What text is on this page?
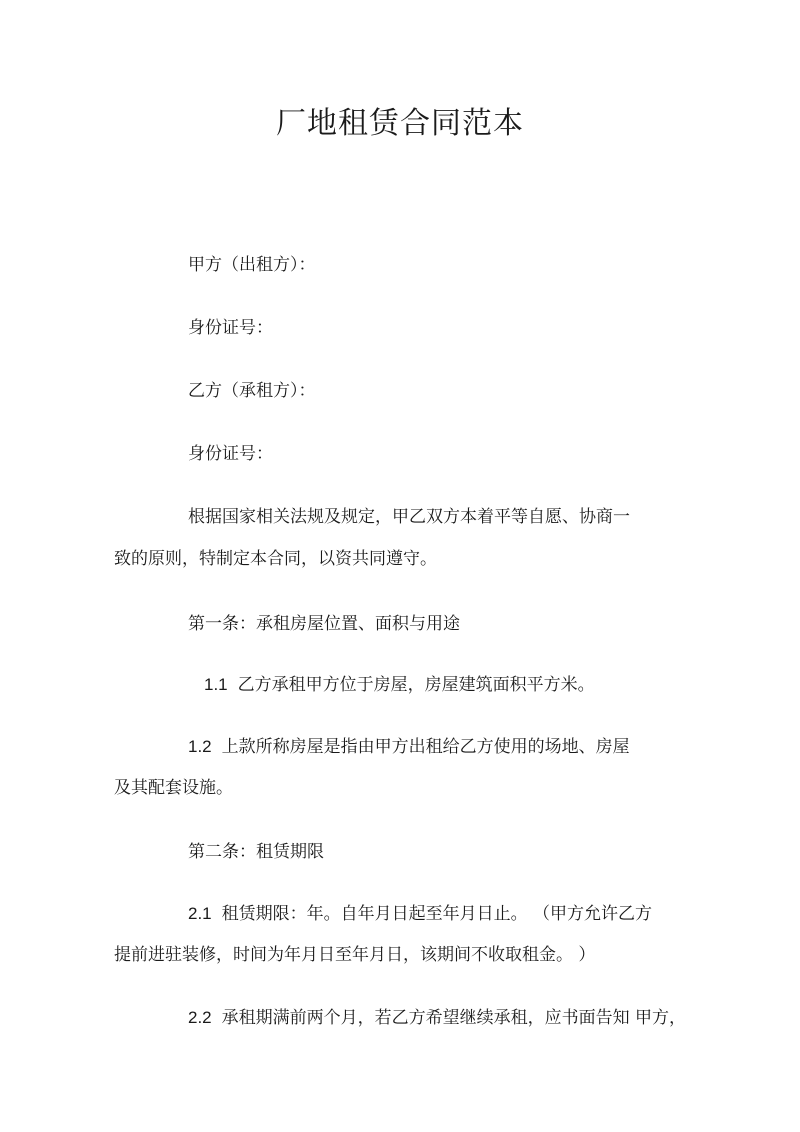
厂地租赁合同范本
甲方（出租方）：
身份证号：
乙方（承租方）：
身份证号：
根据国家相关法规及规定，甲乙双方本着平等自愿、协商一
致的原则，特制定本合同，以资共同遵守。
第一条：承租房屋位置、面积与用途
1.1 乙方承租甲方位于房屋，房屋建筑面积平方米。
1.2 上款所称房屋是指由甲方出租给乙方使用的场地、房屋
及其配套设施。
第二条：租赁期限
2.1 租赁期限：年。自年月日起至年月日止。 （甲方允许乙方
提前进驻装修，时间为年月日至年月日，该期间不收取租金。 ）
2.2 承租期满前两个月，若乙方希望继续承租，应书面告知 甲方，
